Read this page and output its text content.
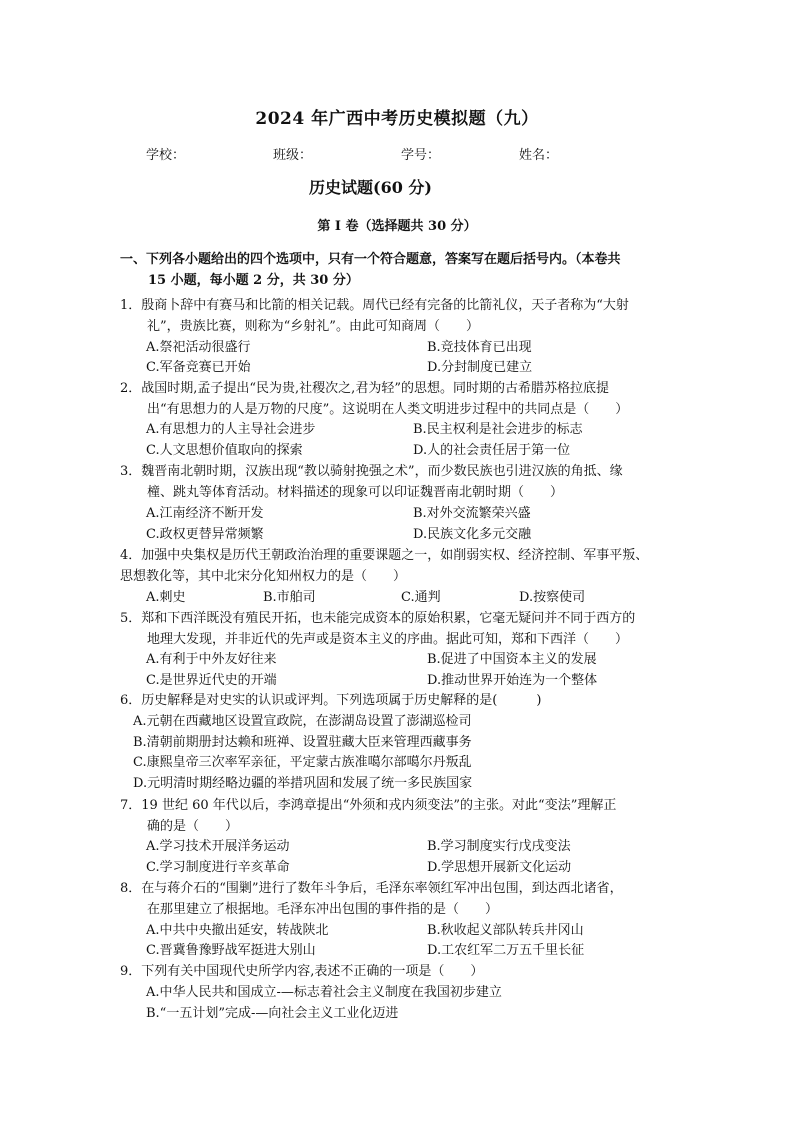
2024 年广西中考历史模拟题（九）
学校：	班级：	学号：	姓名：
历史试题(60 分)
第 I 卷（选择题共 30 分）
一、下列各小题给出的四个选项中，只有一个符合题意，答案写在题后括号内。（本卷共
15 小题，每小题 2 分，共 30 分）
1．殷商卜辞中有赛马和比箭的相关记载。周代已经有完备的比箭礼仪，天子者称为“大射
礼”，贵族比赛，则称为“乡射礼”。由此可知商周（　　）
A.祭祀活动很盛行	B.竞技体育已出现
C.军备竞赛已开始	D.分封制度已建立
2．战国时期,孟子提出“民为贵,社稷次之,君为轻”的思想。同时期的古希腊苏格拉底提
出“有思想力的人是万物的尺度”。这说明在人类文明进步过程中的共同点是（　　）
A.有思想力的人主导社会进步	B.民主权利是社会进步的标志
C.人文思想价值取向的探索	D.人的社会责任居于第一位
3．魏晋南北朝时期，汉族出现“教以骑射挽强之术”，而少数民族也引进汉族的角抵、缘
橦、跳丸等体育活动。材料描述的现象可以印证魏晋南北朝时期（　　）
A.江南经济不断开发	B.对外交流繁荣兴盛
C.政权更替异常频繁	D.民族文化多元交融
4．加强中央集权是历代王朝政治治理的重要课题之一，如削弱实权、经济控制、军事平叛、
思想教化等，其中北宋分化知州权力的是（　　）
A.刺史	B.市舶司	C.通判	D.按察使司
5．郑和下西洋既没有殖民开拓，也未能完成资本的原始积累，它毫无疑问并不同于西方的
地理大发现，并非近代的先声或是资本主义的序曲。据此可知，郑和下西洋（　　）
A.有利于中外友好往来	B.促进了中国资本主义的发展
C.是世界近代史的开端	D.推动世界开始连为一个整体
6．历史解释是对史实的认识或评判。下列选项属于历史解释的是(　　　)
A.元朝在西藏地区设置宣政院，在澎湖岛设置了澎湖巡检司
B.清朝前期册封达赖和班禅、设置驻藏大臣来管理西藏事务
C.康熙皇帝三次率军亲征，平定蒙古族准噶尔部噶尔丹叛乱
D.元明清时期经略边疆的举措巩固和发展了统一多民族国家
7．19 世纪 60 年代以后，李鸿章提出“外须和戎内须变法”的主张。对此“变法”理解正
确的是（　　）
A.学习技术开展洋务运动	B.学习制度实行戊戌变法
C.学习制度进行辛亥革命	D.学思想开展新文化运动
8．在与蒋介石的“围剿”进行了数年斗争后，毛泽东率领红军冲出包围，到达西北诸省，
在那里建立了根据地。毛泽东冲出包围的事件指的是（　　）
A.中共中央撤出延安，转战陕北	B.秋收起义部队转兵井冈山
C.晋冀鲁豫野战军挺进大别山	D.工农红军二万五千里长征
9．下列有关中国现代史所学内容,表述不正确的一项是（　　）
A.中华人民共和国成立-—标志着社会主义制度在我国初步建立
B.“一五计划”完成-—向社会主义工业化迈进
